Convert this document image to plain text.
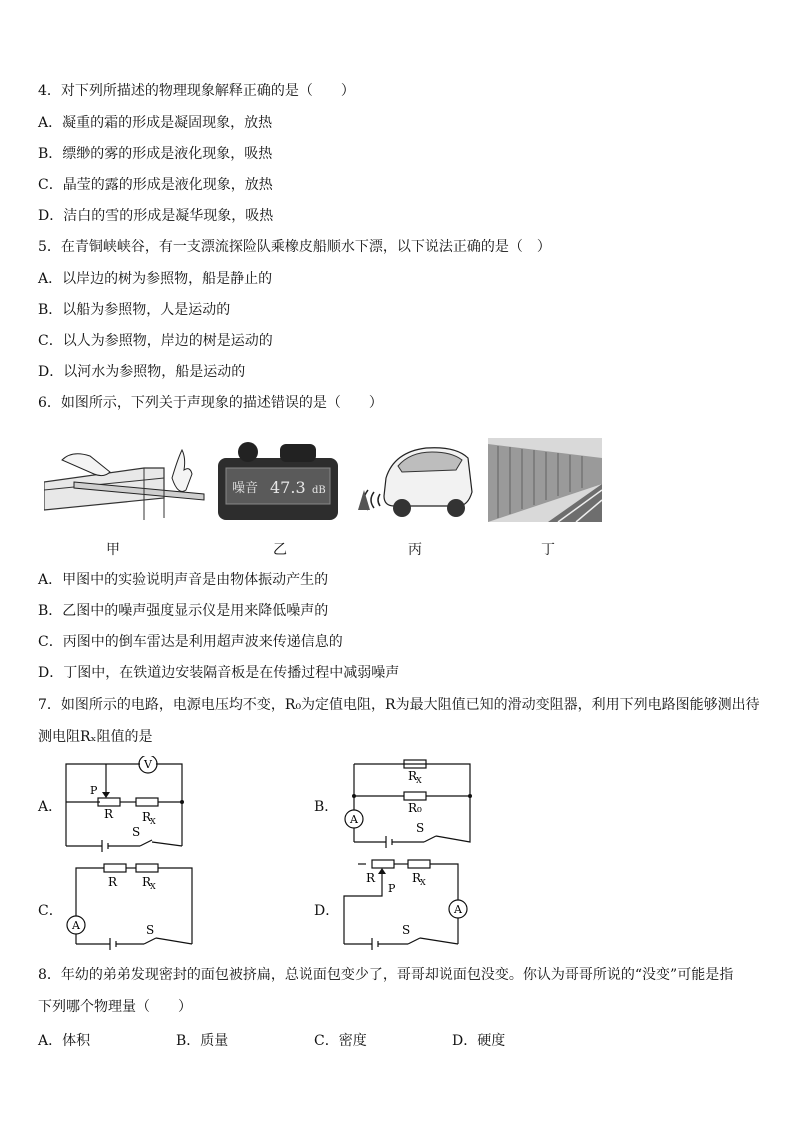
4．对下列所描述的物理现象解释正确的是（　　）
A．凝重的霜的形成是凝固现象，放热
B．缥缈的雾的形成是液化现象，吸热
C．晶莹的露的形成是液化现象，放热
D．洁白的雪的形成是凝华现象，吸热
5．在青铜峡峡谷，有一支漂流探险队乘橡皮船顺水下漂，以下说法正确的是（　）
A．以岸边的树为参照物，船是静止的
B．以船为参照物，人是运动的
C．以人为参照物，岸边的树是运动的
D．以河水为参照物，船是运动的
6．如图所示，下列关于声现象的描述错误的是（　　）
噪音 47.3 dB
甲	乙	丙	丁
A．甲图中的实验说明声音是由物体振动产生的
B．乙图中的噪声强度显示仪是用来降低噪声的
C．丙图中的倒车雷达是利用超声波来传递信息的
D．丁图中，在铁道边安装隔音板是在传播过程中减弱噪声
7．如图所示的电路，电源电压均不变，R₀为定值电阻，R为最大阻值已知的滑动变阻器，利用下列电路图能够测出待
测电阻Rₓ阻值的是
A．	B．
C．	D．
V
P
R R
X
S
R
X
R₀
A
S
R R
X
A	S
R
P
R
X
A
S
8．年幼的弟弟发现密封的面包被挤扁，总说面包变少了，哥哥却说面包没变。你认为哥哥所说的“没变”可能是指
下列哪个物理量（　　）
A．体积	B．质量	C．密度	D．硬度
